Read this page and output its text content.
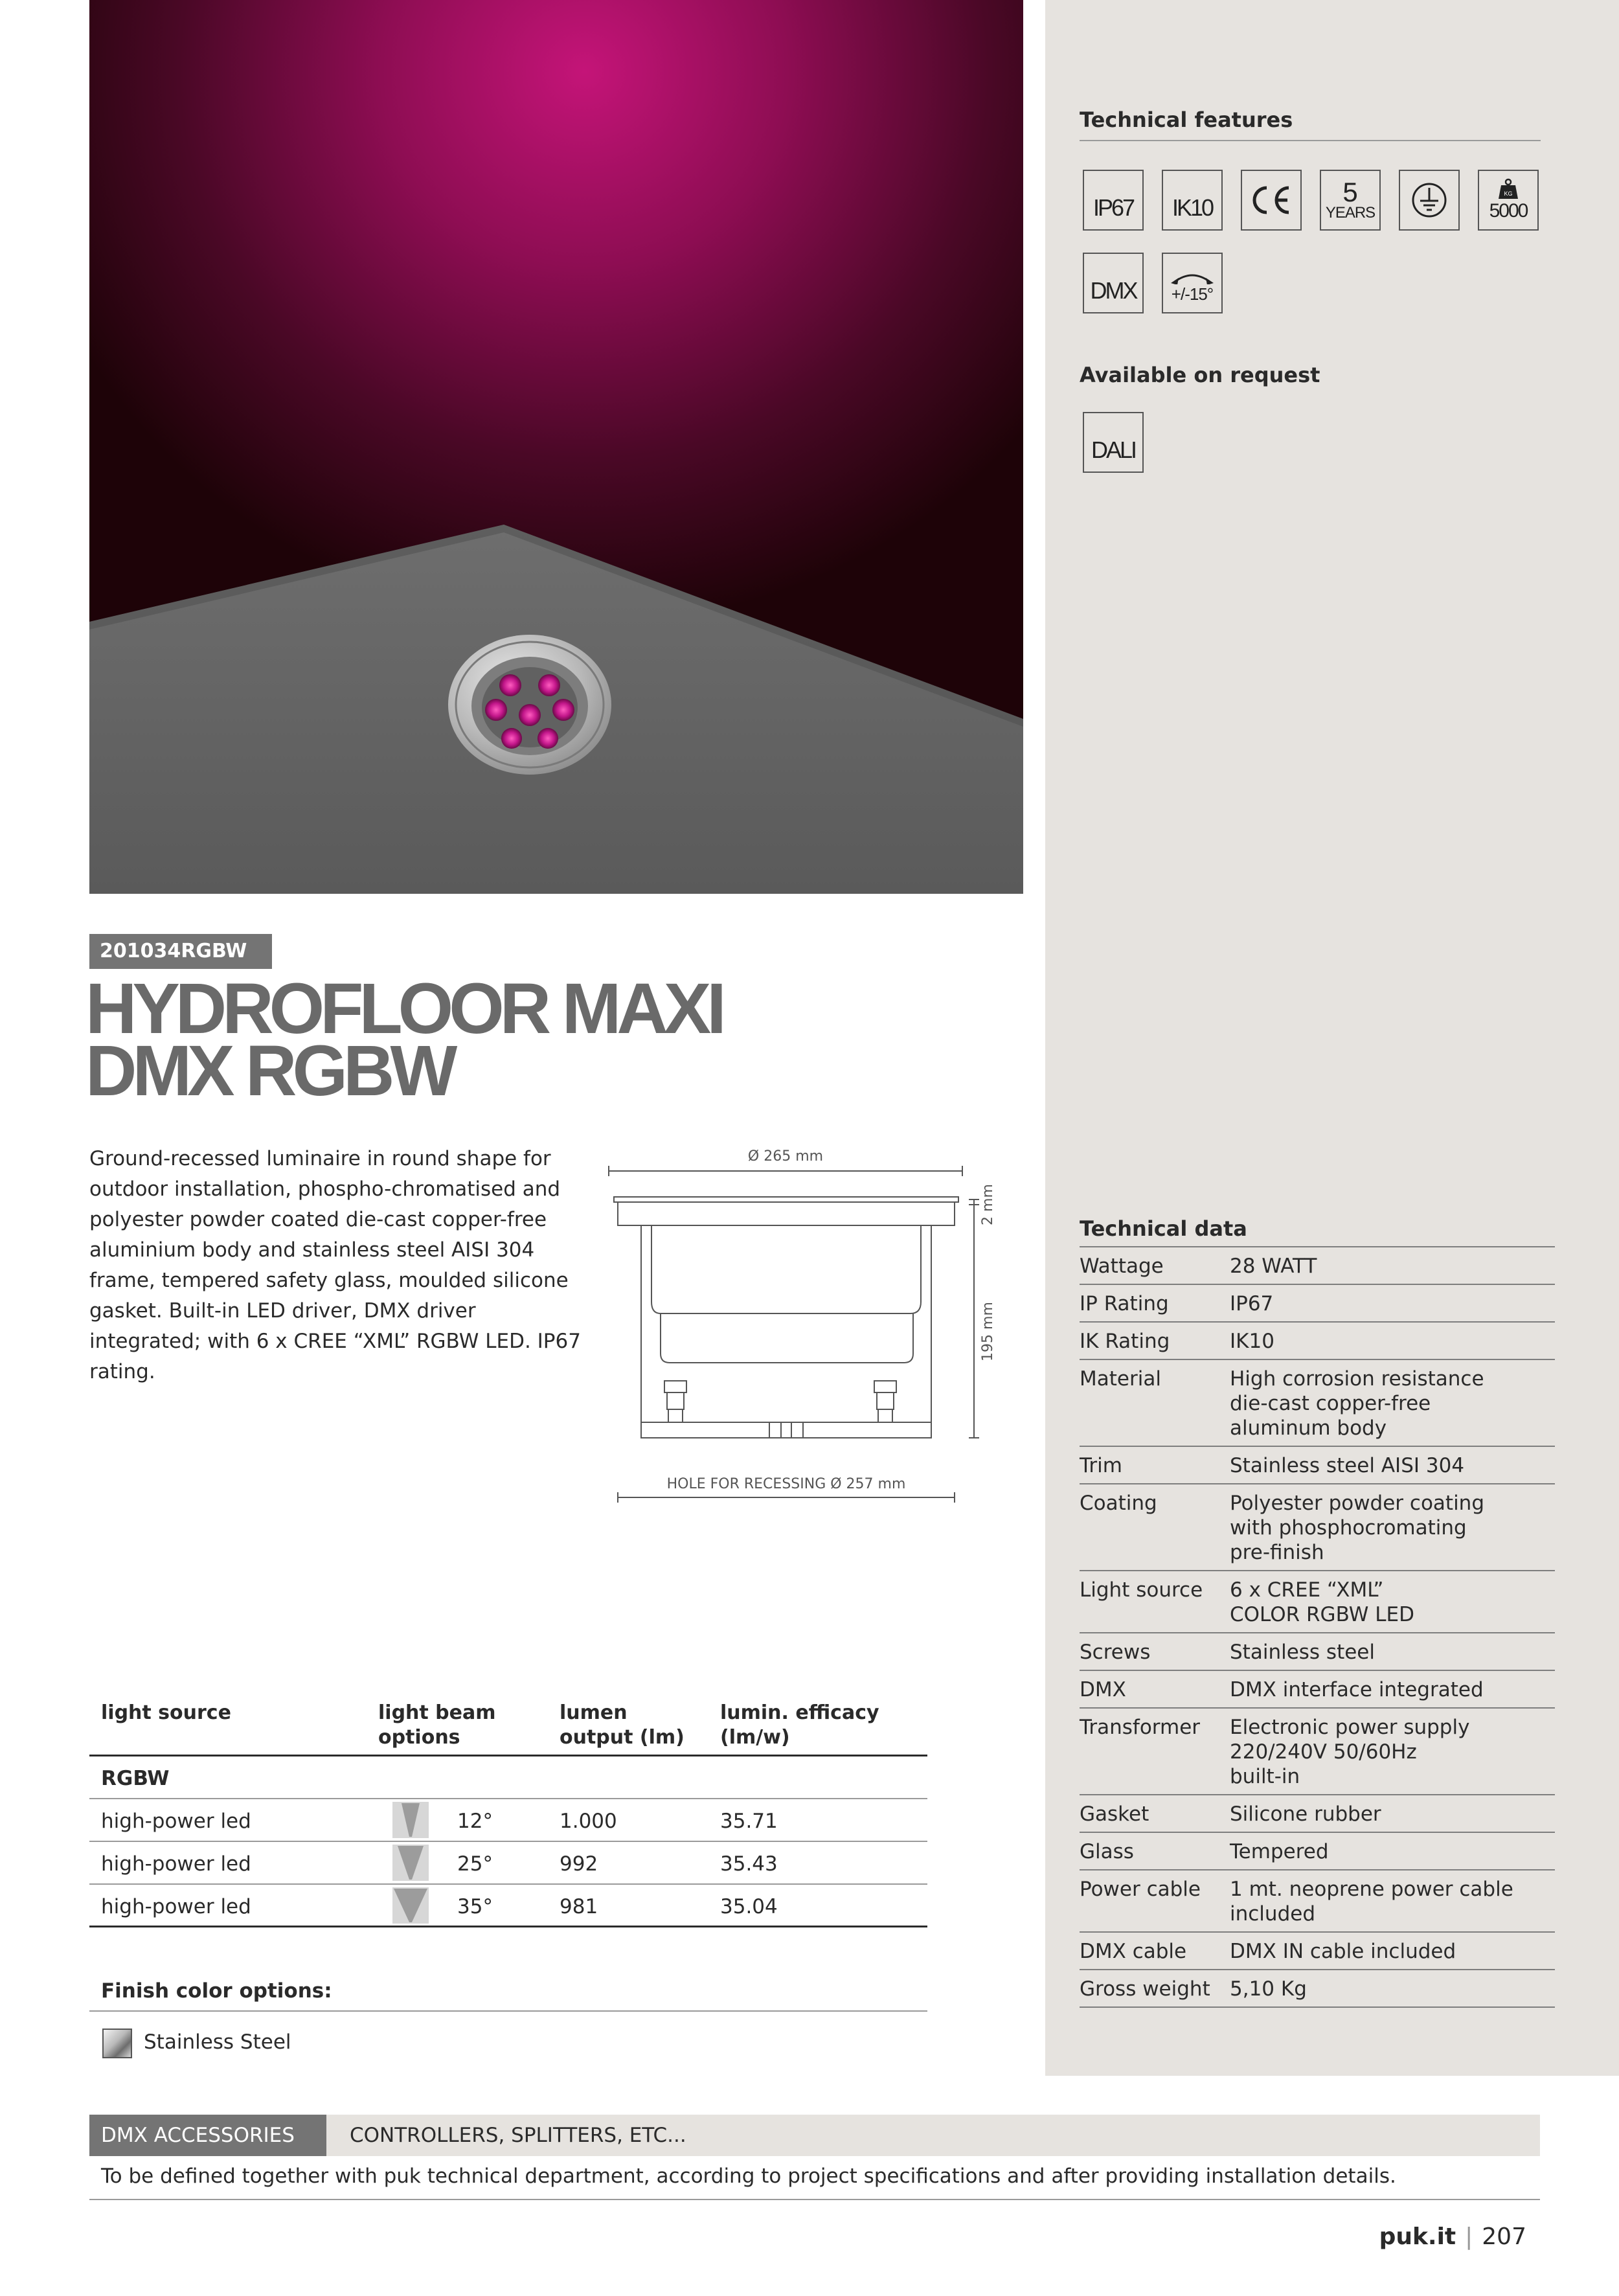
Technical features
IP67 IK10
5
YEARS
KG
5000
DMX +/-15°
Available on request
DALI
201034RGBW
HYDROFLOOR MAXI
DMX RGBW
Ground-recessed luminaire in round shape for outdoor installation, phospho-chromatised and polyester powder coated die-cast copper-free aluminium body and stainless steel AISI 304 frame, tempered safety glass, moulded silicone gasket. Built-in LED driver, DMX driver integrated; with 6 x CREE “XML” RGBW LED. IP67 rating.
Ø 265 mm
2 mm
195 mm
HOLE FOR RECESSING Ø 257 mm
light source	light beam
options
lumen
output (lm)
lumin. efficacy
(lm/w)
RGBW
high-power led	12°	1.000	35.71
high-power led	25°	992	35.43
high-power led	35°	981	35.04
Finish color options:
Stainless Steel
Technical data
Wattage	28 WATT
IP Rating	IP67
IK Rating	IK10
Material	High corrosion resistance
die-cast copper-free
aluminum body
Trim	Stainless steel AISI 304
Coating	Polyester powder coating
with phosphocromating
pre-finish
Light source	6 x CREE “XML”
COLOR RGBW LED
Screws	Stainless steel
DMX	DMX interface integrated
Transformer	Electronic power supply
220/240V 50/60Hz
built-in
Gasket	Silicone rubber
Glass	Tempered
Power cable	1 mt. neoprene power cable
included
DMX cable	DMX IN cable included
Gross weight 5,10 Kg
DMX ACCESSORIES	CONTROLLERS, SPLITTERS, ETC...
To be defined together with puk technical department, according to project specifications and after providing installation details.
puk.it | 207
